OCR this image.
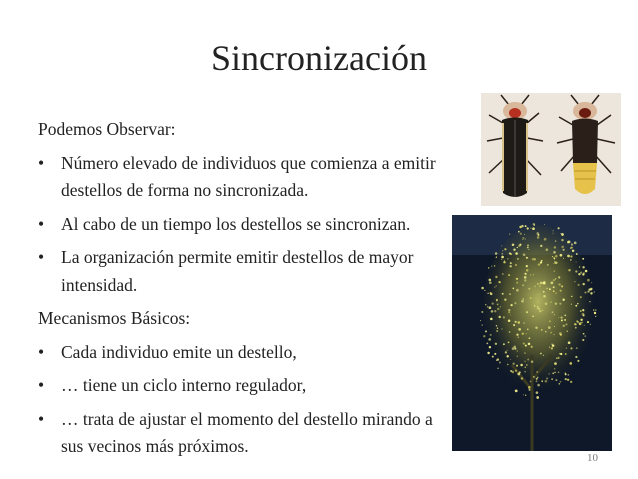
Sincronización
Podemos Observar:
• Número elevado de individuos que comienza a emitir destellos de forma no sincronizada.
• Al cabo de un tiempo los destellos se sincronizan.
• La organización permite emitir destellos de mayor intensidad.
Mecanismos Básicos:
• Cada individuo emite un destello,
• … tiene un ciclo interno regulador,
• … trata de ajustar el momento del destello mirando a sus vecinos más próximos.
10
